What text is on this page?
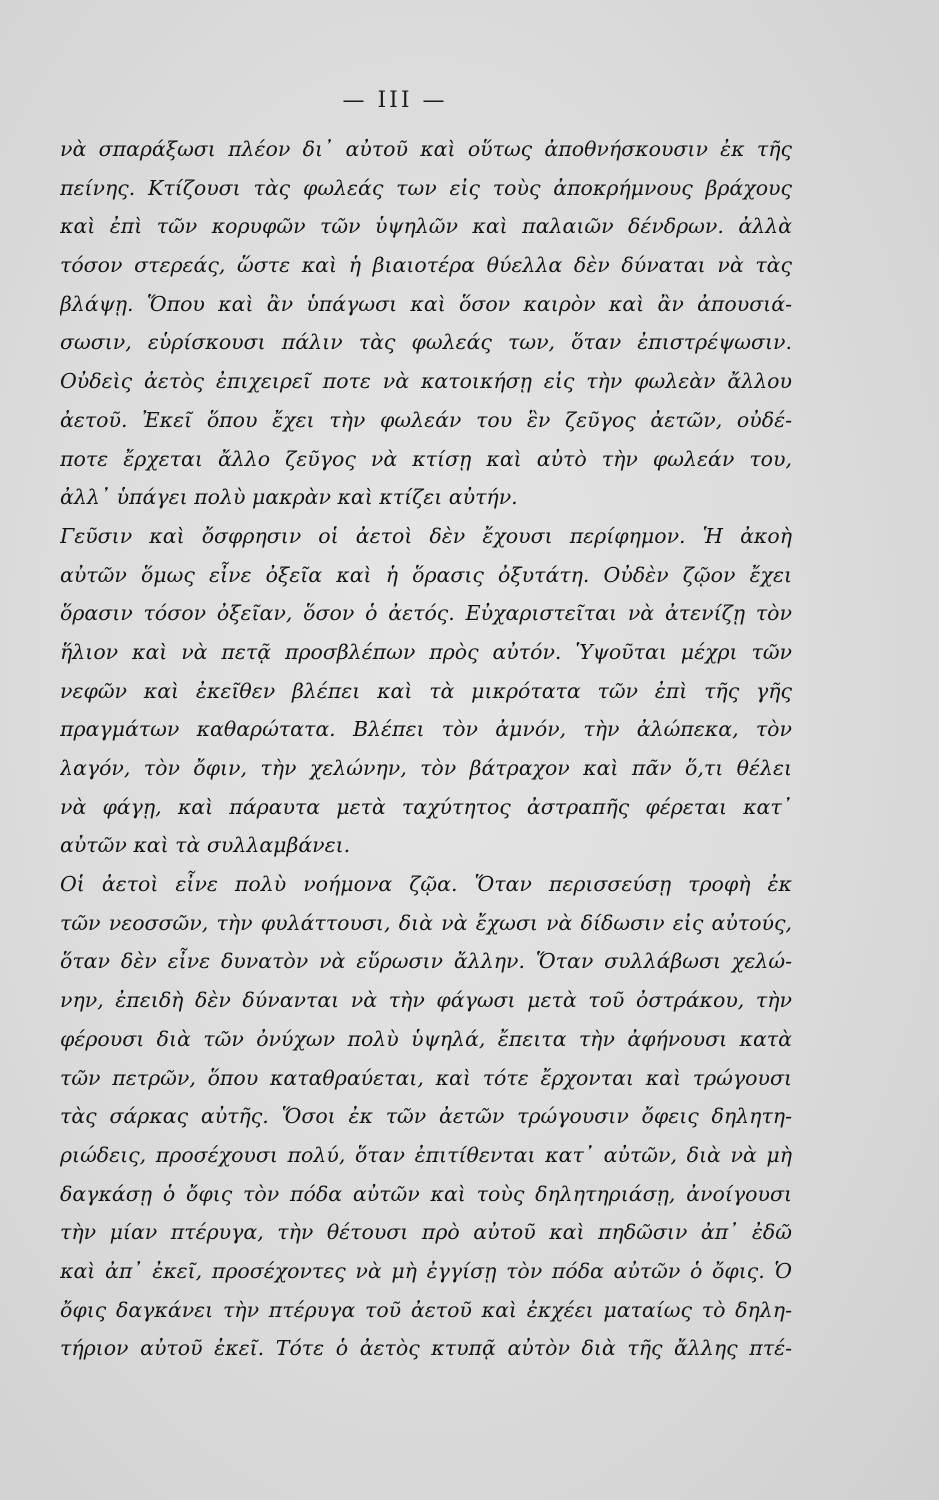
— III —
νὰ σπαράξωσι πλέον δι᾽ αὐτοῦ καὶ οὕτως ἀποθνήσκουσιν ἐκ τῆς
πείνης. Κτίζουσι τὰς φωλεάς των εἰς τοὺς ἀποκρήμνους βράχους
καὶ ἐπὶ τῶν κορυφῶν τῶν ὑψηλῶν καὶ παλαιῶν δένδρων. ἀλλὰ
τόσον στερεάς, ὥστε καὶ ἡ βιαιοτέρα θύελλα δὲν δύναται νὰ τὰς
βλάψῃ. Ὅπου καὶ ἂν ὑπάγωσι καὶ ὅσον καιρὸν καὶ ἂν ἀπουσιά-
σωσιν, εὑρίσκουσι πάλιν τὰς φωλεάς των, ὅταν ἐπιστρέψωσιν.
Οὐδεὶς ἀετὸς ἐπιχειρεῖ ποτε νὰ κατοικήσῃ εἰς τὴν φωλεὰν ἄλλου
ἀετοῦ. Ἐκεῖ ὅπου ἔχει τὴν φωλεάν του ἓν ζεῦγος ἀετῶν, οὐδέ-
ποτε ἔρχεται ἄλλο ζεῦγος νὰ κτίσῃ καὶ αὐτὸ τὴν φωλεάν του,
ἀλλ᾽ ὑπάγει πολὺ μακρὰν καὶ κτίζει αὐτήν.
Γεῦσιν καὶ ὄσφρησιν οἱ ἀετοὶ δὲν ἔχουσι περίφημον. Ἡ ἀκοὴ
αὐτῶν ὅμως εἶνε ὀξεῖα καὶ ἡ ὅρασις ὀξυτάτη. Οὐδὲν ζῷον ἔχει
ὅρασιν τόσον ὀξεῖαν, ὅσον ὁ ἀετός. Εὐχαριστεῖται νὰ ἀτενίζῃ τὸν
ἥλιον καὶ νὰ πετᾷ προσβλέπων πρὸς αὐτόν. Ὑψοῦται μέχρι τῶν
νεφῶν καὶ ἐκεῖθεν βλέπει καὶ τὰ μικρότατα τῶν ἐπὶ τῆς γῆς
πραγμάτων καθαρώτατα. Βλέπει τὸν ἀμνόν, τὴν ἀλώπεκα, τὸν
λαγόν, τὸν ὄφιν, τὴν χελώνην, τὸν βάτραχον καὶ πᾶν ὅ,τι θέλει
νὰ φάγῃ, καὶ πάραυτα μετὰ ταχύτητος ἀστραπῆς φέρεται κατ᾽
αὐτῶν καὶ τὰ συλλαμβάνει.
Οἱ ἀετοὶ εἶνε πολὺ νοήμονα ζῷα. Ὅταν περισσεύσῃ τροφὴ ἐκ
τῶν νεοσσῶν, τὴν φυλάττουσι, διὰ νὰ ἔχωσι νὰ δίδωσιν εἰς αὐτούς,
ὅταν δὲν εἶνε δυνατὸν νὰ εὕρωσιν ἄλλην. Ὅταν συλλάβωσι χελώ-
νην, ἐπειδὴ δὲν δύνανται νὰ τὴν φάγωσι μετὰ τοῦ ὀστράκου, τὴν
φέρουσι διὰ τῶν ὀνύχων πολὺ ὑψηλά, ἔπειτα τὴν ἀφήνουσι κατὰ
τῶν πετρῶν, ὅπου καταθραύεται, καὶ τότε ἔρχονται καὶ τρώγουσι
τὰς σάρκας αὐτῆς. Ὅσοι ἐκ τῶν ἀετῶν τρώγουσιν ὄφεις δηλητη-
ριώδεις, προσέχουσι πολύ, ὅταν ἐπιτίθενται κατ᾽ αὐτῶν, διὰ νὰ μὴ
δαγκάσῃ ὁ ὄφις τὸν πόδα αὐτῶν καὶ τοὺς δηλητηριάσῃ, ἀνοίγουσι
τὴν μίαν πτέρυγα, τὴν θέτουσι πρὸ αὐτοῦ καὶ πηδῶσιν ἀπ᾽ ἐδῶ
καὶ ἀπ᾽ ἐκεῖ, προσέχοντες νὰ μὴ ἐγγίσῃ τὸν πόδα αὐτῶν ὁ ὄφις. Ὁ
ὄφις δαγκάνει τὴν πτέρυγα τοῦ ἀετοῦ καὶ ἐκχέει ματαίως τὸ δηλη-
τήριον αὐτοῦ ἐκεῖ. Τότε ὁ ἀετὸς κτυπᾷ αὐτὸν διὰ τῆς ἄλλης πτέ-
